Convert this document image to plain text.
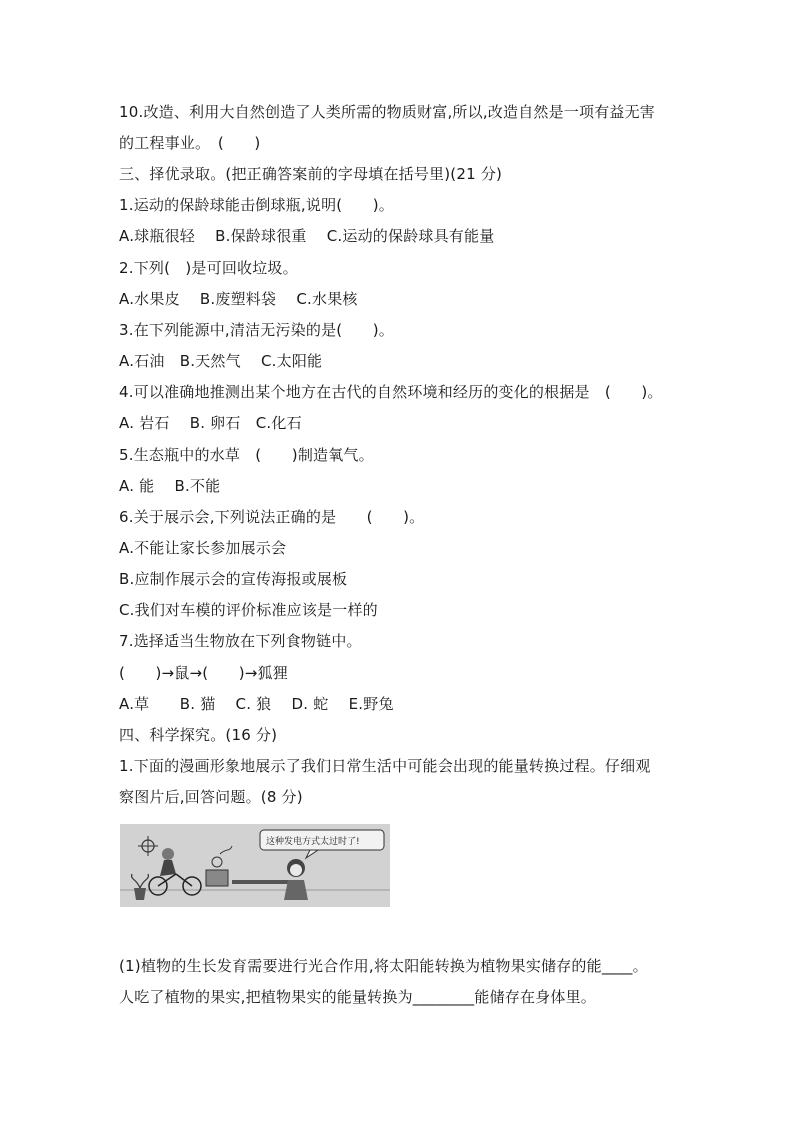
10.改造、利用大自然创造了人类所需的物质财富,所以,改造自然是一项有益无害
的工程事业。　(　　)
三、择优录取。(把正确答案前的字母填在括号里)(21 分)
1.运动的保龄球能击倒球瓶,说明(　　)。
A.球瓶很轻　 B.保龄球很重　 C.运动的保龄球具有能量
2.下列(　)是可回收垃圾。
A.水果皮　 B.废塑料袋　 C.水果核
3.在下列能源中,清洁无污染的是(　　)。
A.石油　B.天然气　 C.太阳能
4.可以准确地推测出某个地方在古代的自然环境和经历的变化的根据是　(　　)。
A. 岩石　 B. 卵石　C.化石
5.生态瓶中的水草　(　　)制造氧气。
A. 能　 B.不能
6.关于展示会,下列说法正确的是　　(　　)。
A.不能让家长参加展示会
B.应制作展示会的宣传海报或展板
C.我们对车模的评价标准应该是一样的
7.选择适当生物放在下列食物链中。
(　　)→鼠→(　　)→狐狸
A.草　　B. 猫　 C. 狼　 D. 蛇　 E.野兔
四、科学探究。(16 分)
1.下面的漫画形象地展示了我们日常生活中可能会出现的能量转换过程。仔细观
察图片后,回答问题。(8 分)
这种发电方式太过时了!
(1)植物的生长发育需要进行光合作用,将太阳能转换为植物果实储存的能____。
人吃了植物的果实,把植物果实的能量转换为________能储存在身体里。
